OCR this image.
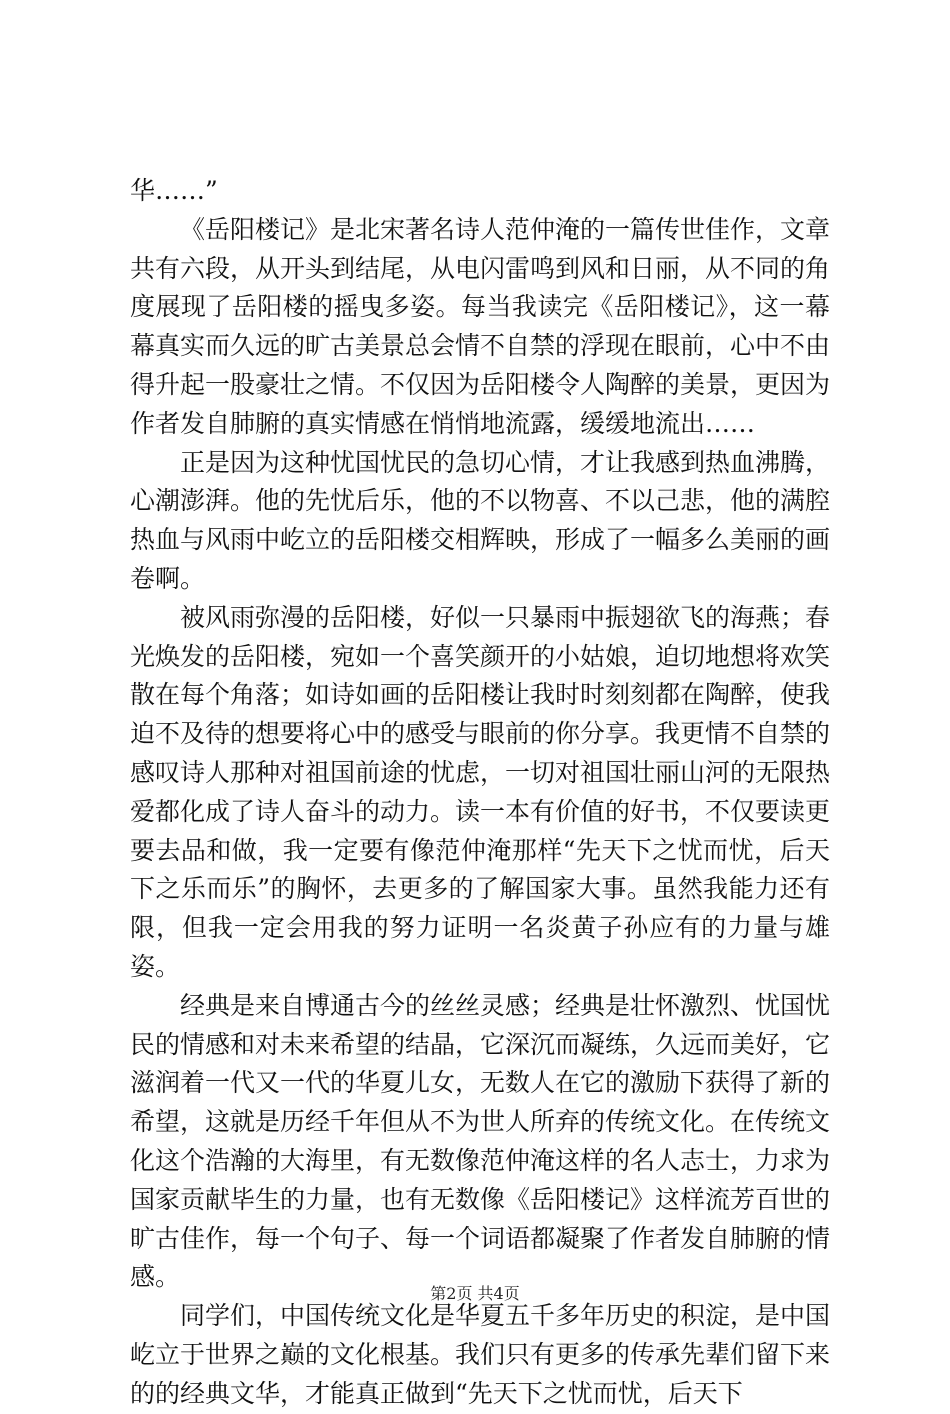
华……”

《岳阳楼记》是北宋著名诗人范仲淹的一篇传世佳作，文章共有六段，从开头到结尾，从电闪雷鸣到风和日丽，从不同的角度展现了岳阳楼的摇曳多姿。每当我读完《岳阳楼记》，这一幕幕真实而久远的旷古美景总会情不自禁的浮现在眼前，心中不由得升起一股豪壮之情。不仅因为岳阳楼令人陶醉的美景，更因为作者发自肺腑的真实情感在悄悄地流露，缓缓地流出……

正是因为这种忧国忧民的急切心情，才让我感到热血沸腾，心潮澎湃。他的先忧后乐，他的不以物喜、不以己悲，他的满腔热血与风雨中屹立的岳阳楼交相辉映，形成了一幅多么美丽的画卷啊。

被风雨弥漫的岳阳楼，好似一只暴雨中振翅欲飞的海燕；春光焕发的岳阳楼，宛如一个喜笑颜开的小姑娘，迫切地想将欢笑散在每个角落；如诗如画的岳阳楼让我时时刻刻都在陶醉，使我迫不及待的想要将心中的感受与眼前的你分享。我更情不自禁的感叹诗人那种对祖国前途的忧虑，一切对祖国壮丽山河的无限热爱都化成了诗人奋斗的动力。读一本有价值的好书，不仅要读更要去品和做，我一定要有像范仲淹那样“先天下之忧而忧，后天下之乐而乐”的胸怀，去更多的了解国家大事。虽然我能力还有限，但我一定会用我的努力证明一名炎黄子孙应有的力量与雄姿。

经典是来自博通古今的丝丝灵感；经典是壮怀激烈、忧国忧民的情感和对未来希望的结晶，它深沉而凝练，久远而美好，它滋润着一代又一代的华夏儿女，无数人在它的激励下获得了新的希望，这就是历经千年但从不为世人所弃的传统文化。在传统文化这个浩瀚的大海里，有无数像范仲淹这样的名人志士，力求为国家贡献毕生的力量，也有无数像《岳阳楼记》这样流芳百世的旷古佳作，每一个句子、每一个词语都凝聚了作者发自肺腑的情感。

同学们，中国传统文化是华夏五千多年历史的积淀，是中国屹立于世界之巅的文化根基。我们只有更多的传承先辈们留下来的的经典文华，才能真正做到“先天下之忧而忧，后天下

第2页 共4页
